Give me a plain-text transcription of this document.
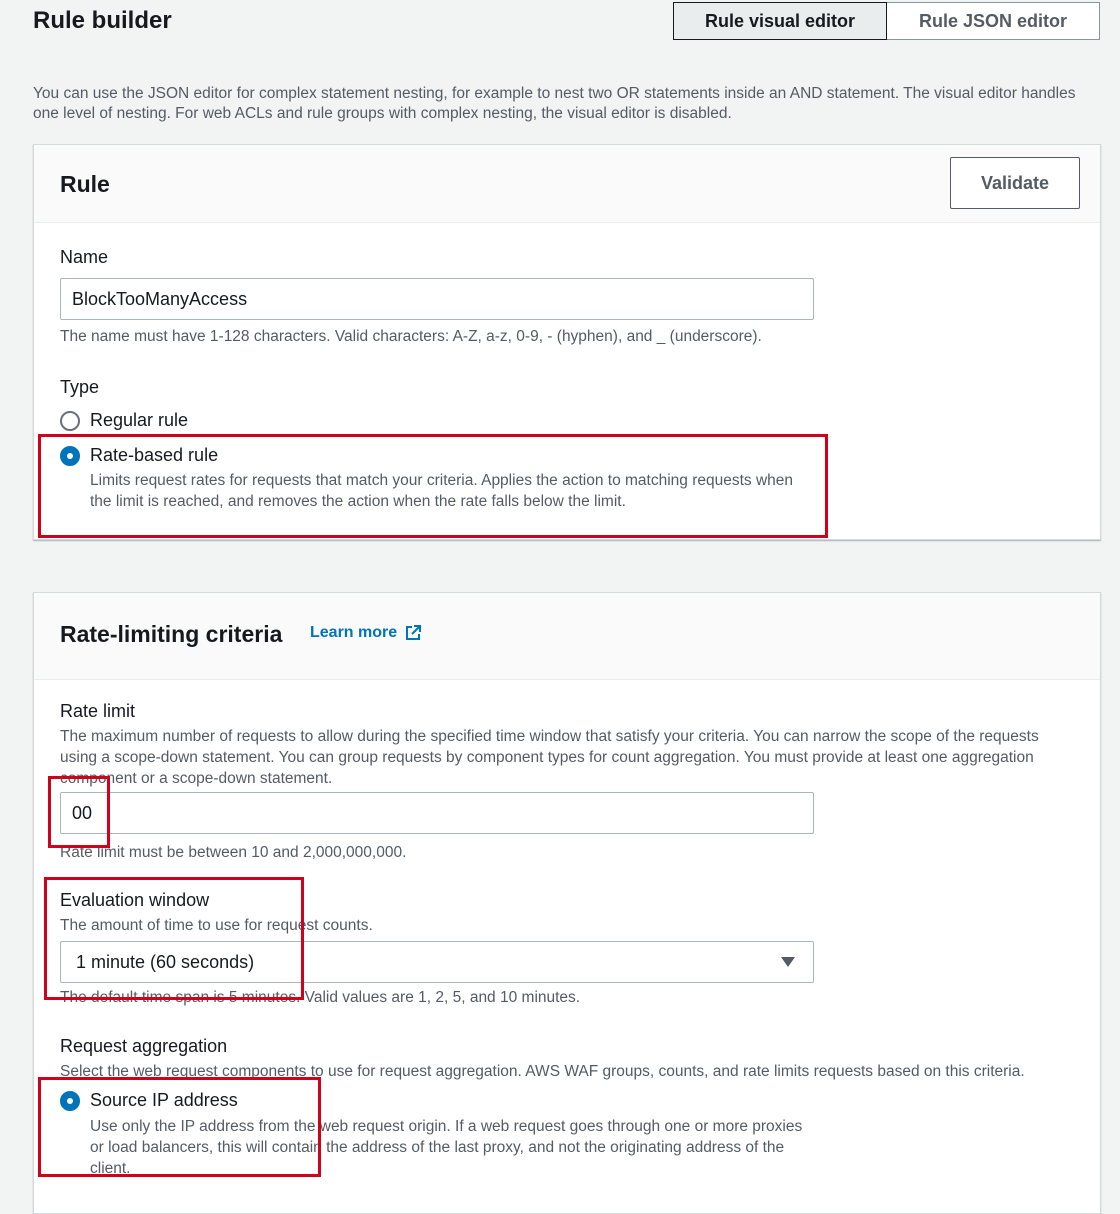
Rule builder	Rule visual editor	Rule JSON editor
You can use the JSON editor for complex statement nesting, for example to nest two OR statements inside an AND statement. The visual editor handles one level of nesting. For web ACLs and rule groups with complex nesting, the visual editor is disabled.
Rule	Validate
Name
BlockTooManyAccess
The name must have 1-128 characters. Valid characters: A-Z, a-z, 0-9, - (hyphen), and _ (underscore).
Type
Regular rule
Rate-based rule
Limits request rates for requests that match your criteria. Applies the action to matching requests when the limit is reached, and removes the action when the rate falls below the limit.
Rate-limiting criteria Learn more
Rate limit
The maximum number of requests to allow during the specified time window that satisfy your criteria. You can narrow the scope of the requests using a scope-down statement. You can group requests by component types for count aggregation. You must provide at least one aggregation component or a scope-down statement.
00
Rate limit must be between 10 and 2,000,000,000.
Evaluation window
The amount of time to use for request counts.
1 minute (60 seconds)
The default time span is 5 minutes. Valid values are 1, 2, 5, and 10 minutes.
Request aggregation
Select the web request components to use for request aggregation. AWS WAF groups, counts, and rate limits requests based on this criteria.
Source IP address
Use only the IP address from the web request origin. If a web request goes through one or more proxies or load balancers, this will contain the address of the last proxy, and not the originating address of the client.
